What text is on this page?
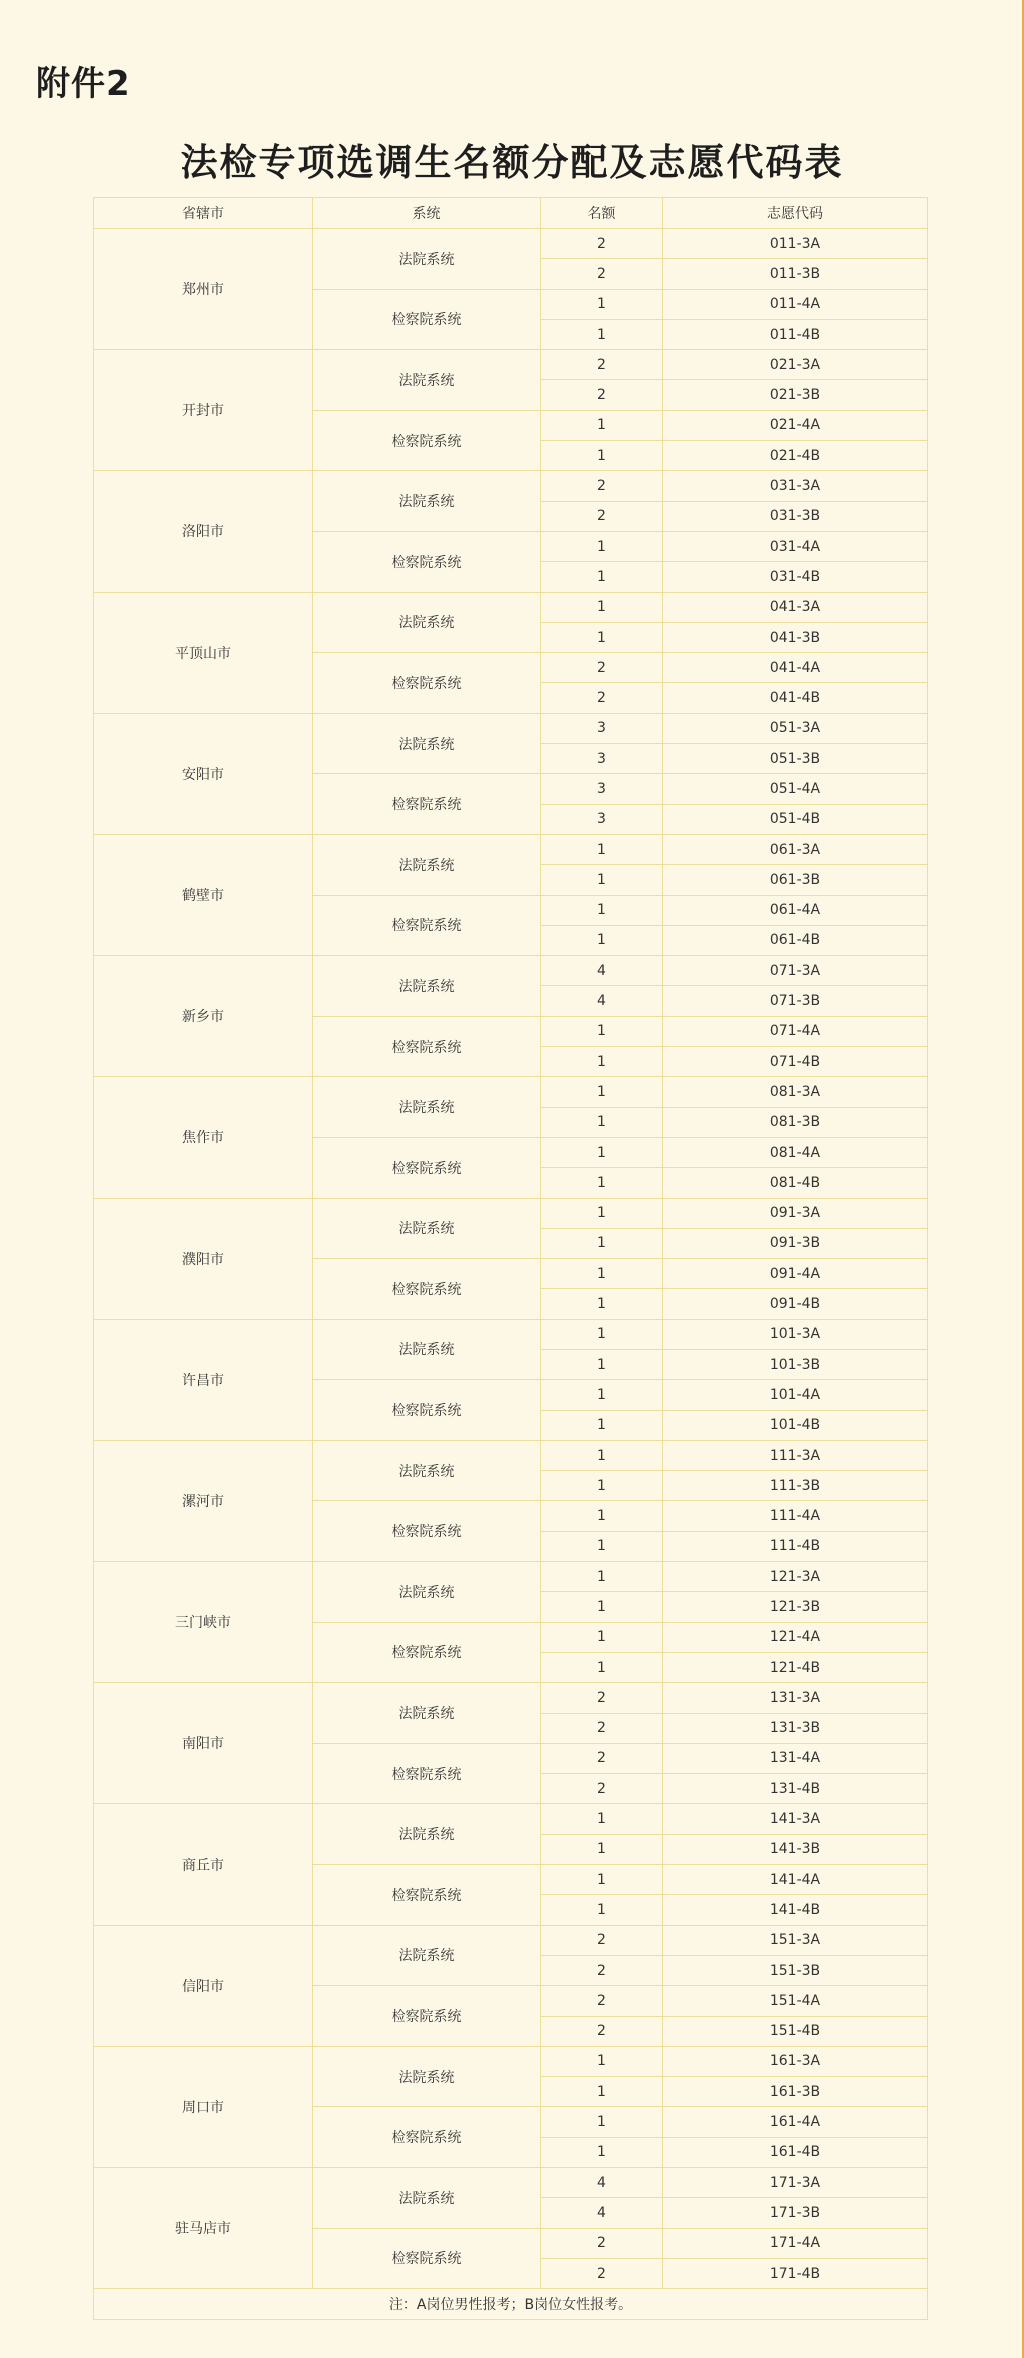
附件2
法检专项选调生名额分配及志愿代码表
省辖市	系统	名额	志愿代码
郑州市	法院系统	2	011-3A
		2	011-3B
	检察院系统	1	011-4A
		1	011-4B
开封市	法院系统	2	021-3A
		2	021-3B
	检察院系统	1	021-4A
		1	021-4B
洛阳市	法院系统	2	031-3A
		2	031-3B
	检察院系统	1	031-4A
		1	031-4B
平顶山市	法院系统	1	041-3A
		1	041-3B
	检察院系统	2	041-4A
		2	041-4B
安阳市	法院系统	3	051-3A
		3	051-3B
	检察院系统	3	051-4A
		3	051-4B
鹤壁市	法院系统	1	061-3A
		1	061-3B
	检察院系统	1	061-4A
		1	061-4B
新乡市	法院系统	4	071-3A
		4	071-3B
	检察院系统	1	071-4A
		1	071-4B
焦作市	法院系统	1	081-3A
		1	081-3B
	检察院系统	1	081-4A
		1	081-4B
濮阳市	法院系统	1	091-3A
		1	091-3B
	检察院系统	1	091-4A
		1	091-4B
许昌市	法院系统	1	101-3A
		1	101-3B
	检察院系统	1	101-4A
		1	101-4B
漯河市	法院系统	1	111-3A
		1	111-3B
	检察院系统	1	111-4A
		1	111-4B
三门峡市	法院系统	1	121-3A
		1	121-3B
	检察院系统	1	121-4A
		1	121-4B
南阳市	法院系统	2	131-3A
		2	131-3B
	检察院系统	2	131-4A
		2	131-4B
商丘市	法院系统	1	141-3A
		1	141-3B
	检察院系统	1	141-4A
		1	141-4B
信阳市	法院系统	2	151-3A
		2	151-3B
	检察院系统	2	151-4A
		2	151-4B
周口市	法院系统	1	161-3A
		1	161-3B
	检察院系统	1	161-4A
		1	161-4B
驻马店市	法院系统	4	171-3A
		4	171-3B
	检察院系统	2	171-4A
		2	171-4B
注：A岗位男性报考；B岗位女性报考。			
